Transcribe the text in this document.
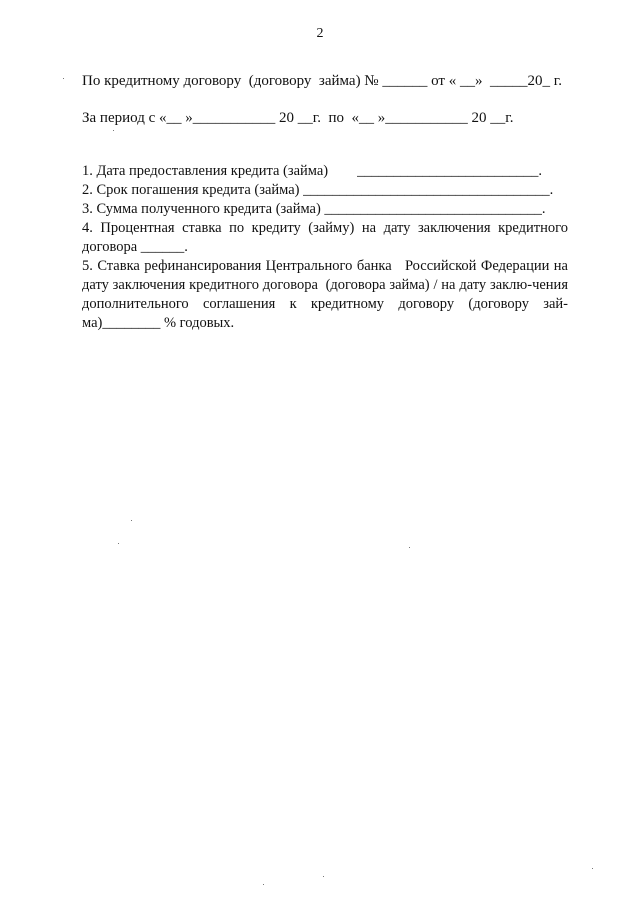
2
По кредитному договору  (договору  займа) № ______ от « __»  _____20_ г.
За период с «__ »___________ 20 __г.  по  «__ »___________ 20 __г.
1. Дата предоставления кредита (займа)        _________________________.
2. Срок погашения кредита (займа) __________________________________.
3. Сумма полученного кредита (займа) ______________________________.
4. Процентная ставка по кредиту (займу) на дату заключения кредитного договора ______.
5. Ставка рефинансирования Центрального банка   Российской Федерации на дату заключения кредитного договора  (договора займа) / на дату заклю-чения дополнительного соглашения к кредитному договору (договору зай-ма)________ % годовых.
